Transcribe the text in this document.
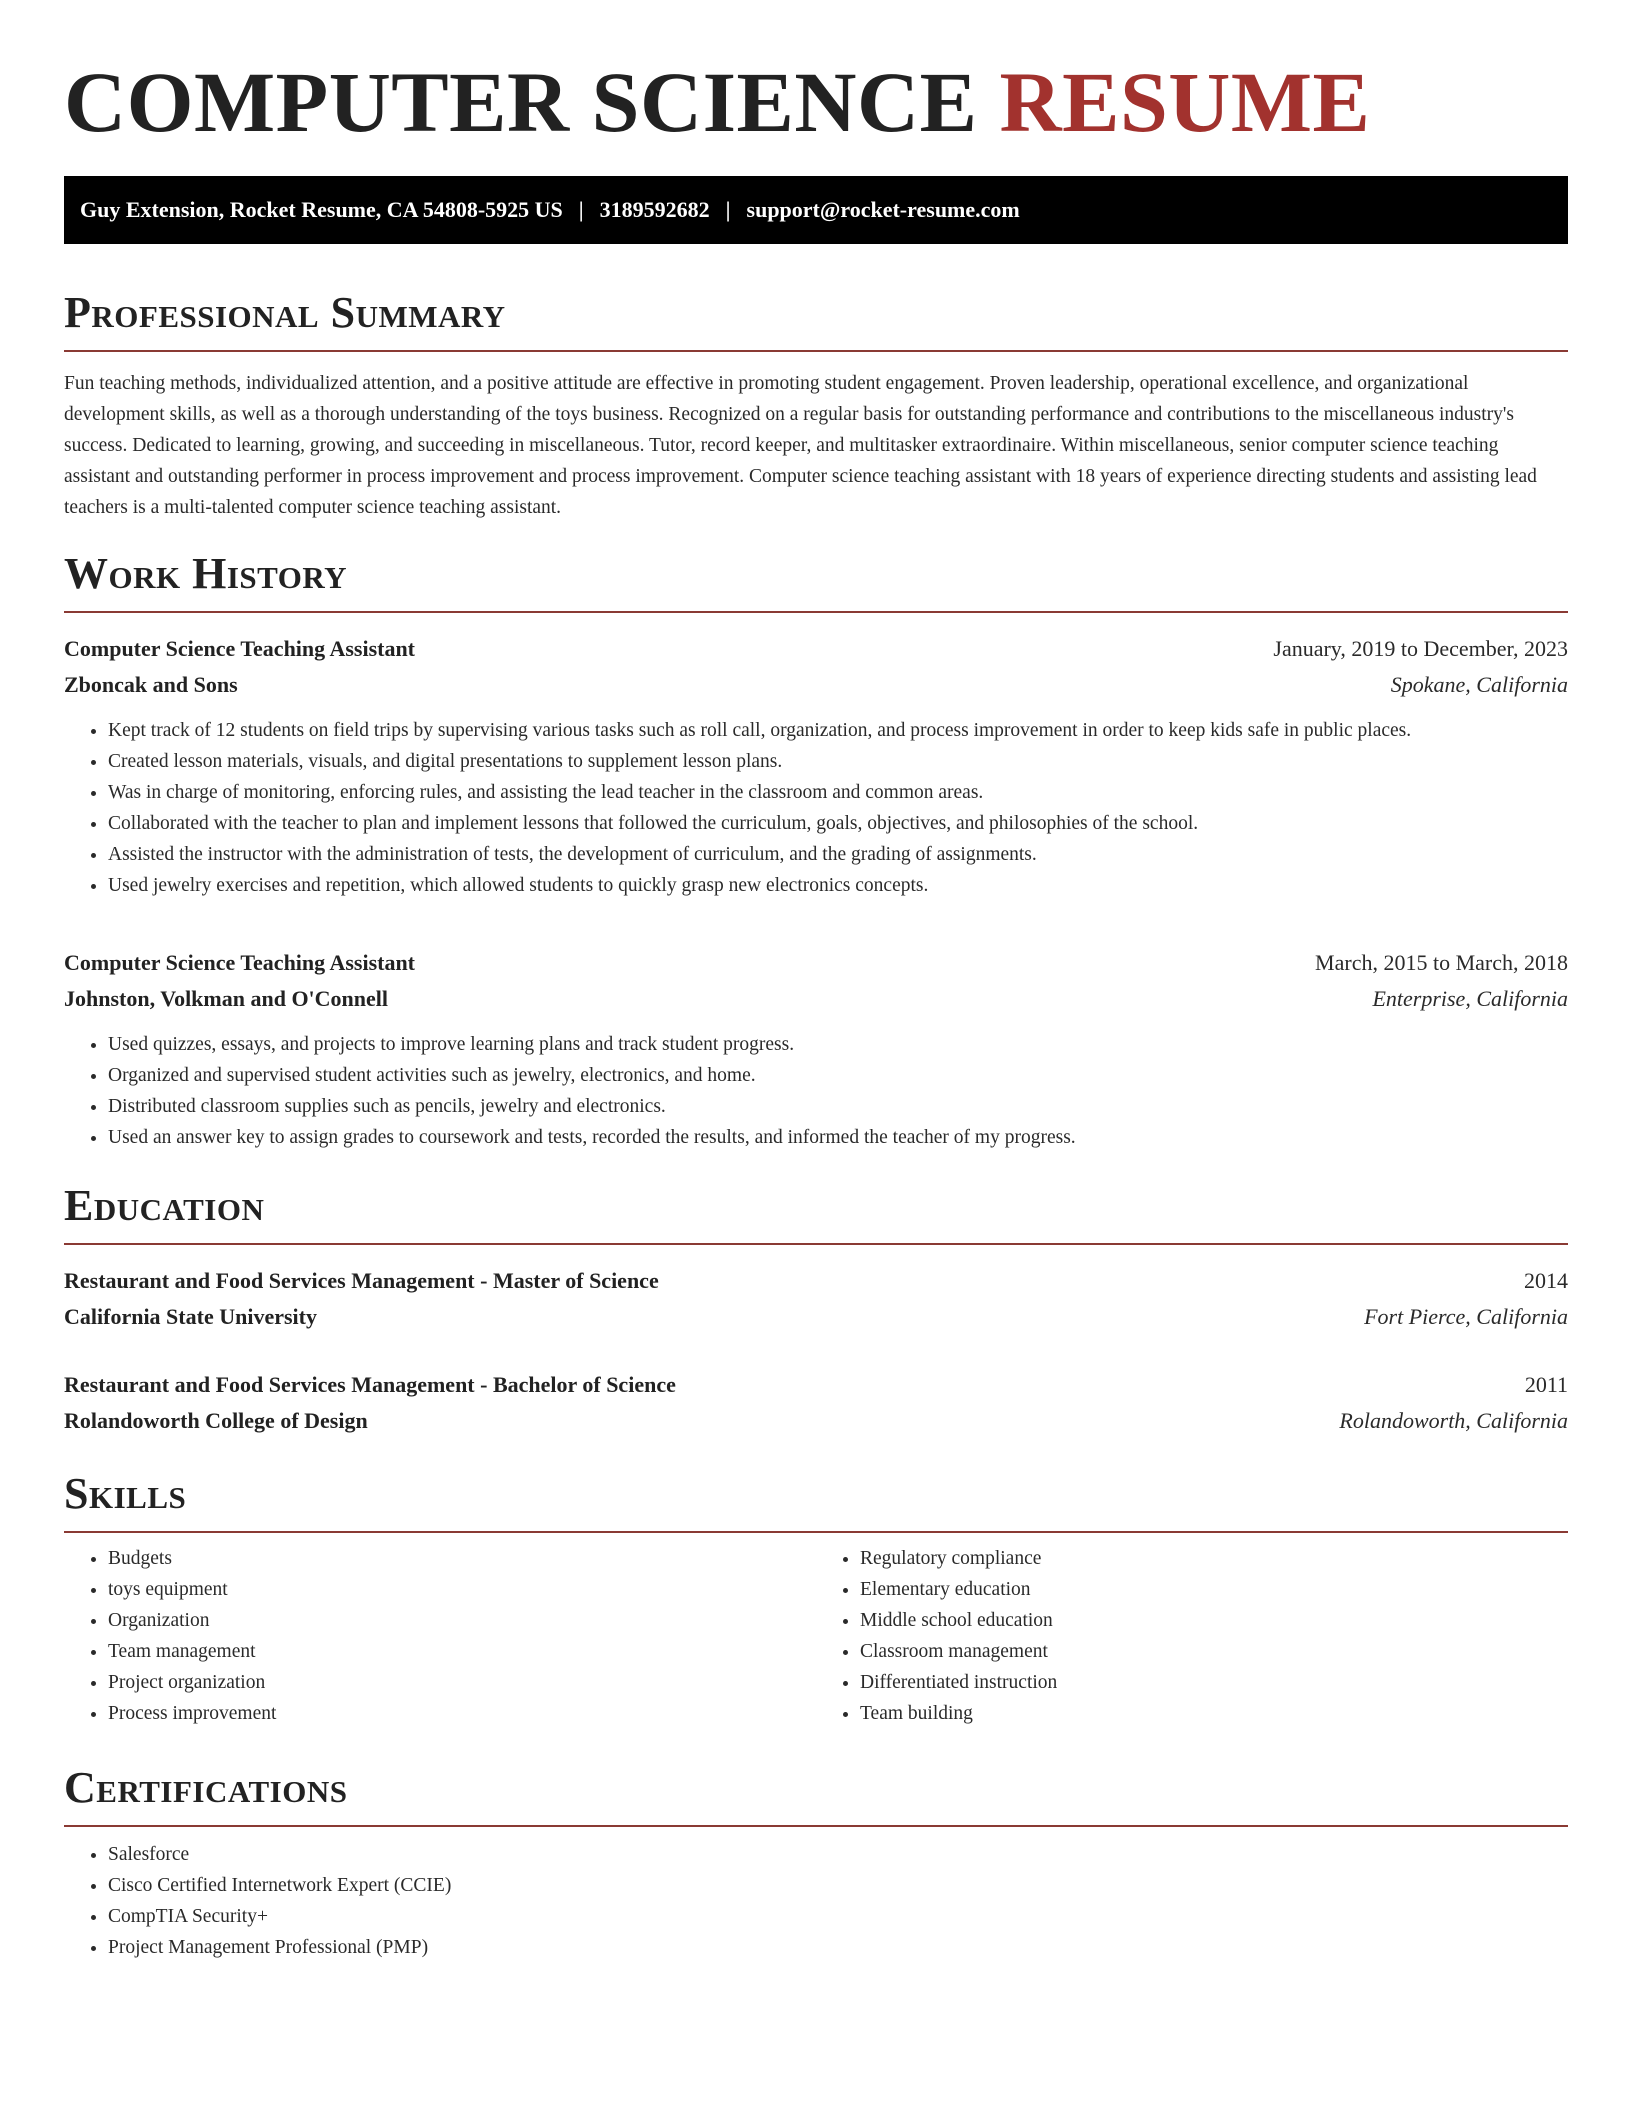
COMPUTER SCIENCE RESUME
Guy Extension, Rocket Resume, CA 54808-5925 US | 3189592682 | support@rocket-resume.com
Professional Summary

Fun teaching methods, individualized attention, and a positive attitude are effective in promoting student engagement. Proven leadership, operational excellence, and organizational development skills, as well as a thorough understanding of the toys business. Recognized on a regular basis for outstanding performance and contributions to the miscellaneous industry's success. Dedicated to learning, growing, and succeeding in miscellaneous. Tutor, record keeper, and multitasker extraordinaire. Within miscellaneous, senior computer science teaching assistant and outstanding performer in process improvement and process improvement. Computer science teaching assistant with 18 years of experience directing students and assisting lead teachers is a multi-talented computer science teaching assistant.

Work History
Computer Science Teaching Assistant	January, 2019 to December, 2023
Zboncak and Sons	Spokane, California
• Kept track of 12 students on field trips by supervising various tasks such as roll call, organization, and process improvement in order to keep kids safe in public places.
• Created lesson materials, visuals, and digital presentations to supplement lesson plans.
• Was in charge of monitoring, enforcing rules, and assisting the lead teacher in the classroom and common areas.
• Collaborated with the teacher to plan and implement lessons that followed the curriculum, goals, objectives, and philosophies of the school.
• Assisted the instructor with the administration of tests, the development of curriculum, and the grading of assignments.
• Used jewelry exercises and repetition, which allowed students to quickly grasp new electronics concepts.
Computer Science Teaching Assistant	March, 2015 to March, 2018
Johnston, Volkman and O'Connell	Enterprise, California
• Used quizzes, essays, and projects to improve learning plans and track student progress.
• Organized and supervised student activities such as jewelry, electronics, and home.
• Distributed classroom supplies such as pencils, jewelry and electronics.
• Used an answer key to assign grades to coursework and tests, recorded the results, and informed the teacher of my progress.
Education
Restaurant and Food Services Management - Master of Science	2014
California State University	Fort Pierce, California
Restaurant and Food Services Management - Bachelor of Science	2011
Rolandoworth College of Design	Rolandoworth, California
Skills
• Budgets
• toys equipment
• Organization
• Team management
• Project organization
• Process improvement
• Regulatory compliance
• Elementary education
• Middle school education
• Classroom management
• Differentiated instruction
• Team building
Certifications
• Salesforce
• Cisco Certified Internetwork Expert (CCIE)
• CompTIA Security+
• Project Management Professional (PMP)
